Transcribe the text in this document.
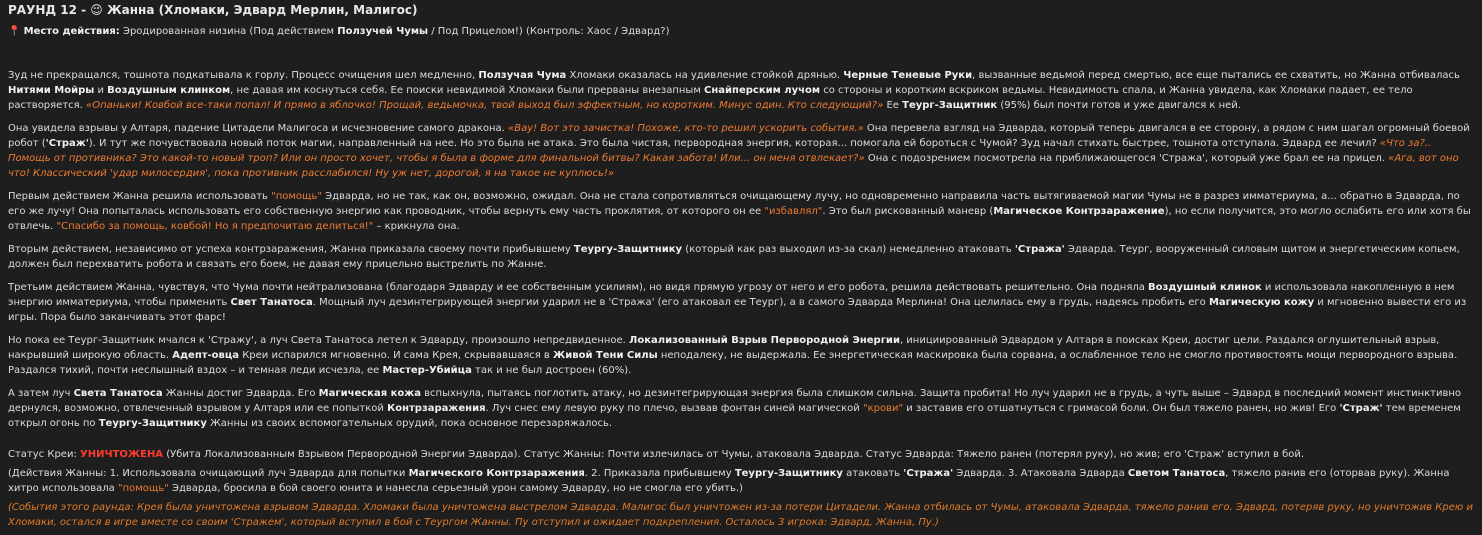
РАУНД 12 - 😉 Жанна (Хломаки, Эдвард Мерлин, Малигос)
📍 Место действия: Эродированная низина (Под действием Ползучей Чумы / Под Прицелом!) (Контроль: Хаос / Эдвард?)

Зуд не прекращался, тошнота подкатывала к горлу. Процесс очищения шел медленно, Ползучая Чума Хломаки оказалась на удивление стойкой дрянью. Черные Теневые Руки, вызванные ведьмой перед смертью, все еще пытались ее схватить, но Жанна отбивалась Нитями Мойры и Воздушным клинком, не давая им коснуться себя. Ее поиски невидимой Хломаки были прерваны внезапным Снайперским лучом со стороны и коротким вскриком ведьмы. Невидимость спала, и Жанна увидела, как Хломаки падает, ее тело растворяется. «Опаньки! Ковбой все-таки попал! И прямо в яблочко! Прощай, ведьмочка, твой выход был эффектным, но коротким. Минус один. Кто следующий?» Ее Теург-Защитник (95%) был почти готов и уже двигался к ней.

Она увидела взрывы у Алтаря, падение Цитадели Малигоса и исчезновение самого дракона. «Вау! Вот это зачистка! Похоже, кто-то решил ускорить события.» Она перевела взгляд на Эдварда, который теперь двигался в ее сторону, а рядом с ним шагал огромный боевой робот ('Страж'). И тут же почувствовала новый поток магии, направленный на нее. Но это была не атака. Это была чистая, первородная энергия, которая... помогала ей бороться с Чумой? Зуд начал стихать быстрее, тошнота отступала. Эдвард ее лечил? «Что за?.. Помощь от противника? Это какой-то новый троп? Или он просто хочет, чтобы я была в форме для финальной битвы? Какая забота! Или... он меня отвлекает?» Она с подозрением посмотрела на приближающегося 'Стража', который уже брал ее на прицел. «Ага, вот оно что! Классический 'удар милосердия', пока противник расслабился! Ну уж нет, дорогой, я на такое не куплюсь!»

Первым действием Жанна решила использовать "помощь" Эдварда, но не так, как он, возможно, ожидал. Она не стала сопротивляться очищающему лучу, но одновременно направила часть вытягиваемой магии Чумы не в разрез имматериума, а... обратно в Эдварда, по его же лучу! Она попыталась использовать его собственную энергию как проводник, чтобы вернуть ему часть проклятия, от которого он ее "избавлял". Это был рискованный маневр (Магическое Контрзаражение), но если получится, это могло ослабить его или хотя бы отвлечь. "Спасибо за помощь, ковбой! Но я предпочитаю делиться!" – крикнула она.

Вторым действием, независимо от успеха контрзаражения, Жанна приказала своему почти прибывшему Теургу-Защитнику (который как раз выходил из-за скал) немедленно атаковать 'Стража' Эдварда. Теург, вооруженный силовым щитом и энергетическим копьем, должен был перехватить робота и связать его боем, не давая ему прицельно выстрелить по Жанне.

Третьим действием Жанна, чувствуя, что Чума почти нейтрализована (благодаря Эдварду и ее собственным усилиям), но видя прямую угрозу от него и его робота, решила действовать решительно. Она подняла Воздушный клинок и использовала накопленную в нем энергию имматериума, чтобы применить Свет Танатоса. Мощный луч дезинтегрирующей энергии ударил не в 'Стража' (его атаковал ее Теург), а в самого Эдварда Мерлина! Она целилась ему в грудь, надеясь пробить его Магическую кожу и мгновенно вывести его из игры. Пора было заканчивать этот фарс!

Но пока ее Теург-Защитник мчался к 'Стражу', а луч Света Танатоса летел к Эдварду, произошло непредвиденное. Локализованный Взрыв Первородной Энергии, инициированный Эдвардом у Алтаря в поисках Креи, достиг цели. Раздался оглушительный взрыв, накрывший широкую область. Адепт-овца Креи испарился мгновенно. И сама Крея, скрывавшаяся в Живой Тени Силы неподалеку, не выдержала. Ее энергетическая маскировка была сорвана, а ослабленное тело не смогло противостоять мощи первородного взрыва. Раздался тихий, почти неслышный вздох – и темная леди исчезла, ее Мастер-Убийца так и не был достроен (60%).

А затем луч Света Танатоса Жанны достиг Эдварда. Его Магическая кожа вспыхнула, пытаясь поглотить атаку, но дезинтегрирующая энергия была слишком сильна. Защита пробита! Но луч ударил не в грудь, а чуть выше – Эдвард в последний момент инстинктивно дернулся, возможно, отвлеченный взрывом у Алтаря или ее попыткой Контрзаражения. Луч снес ему левую руку по плечо, вызвав фонтан синей магической "крови" и заставив его отшатнуться с гримасой боли. Он был тяжело ранен, но жив! Его 'Страж' тем временем открыл огонь по Теургу-Защитнику Жанны из своих вспомогательных орудий, пока основное перезаряжалось.

Статус Креи: УНИЧТОЖЕНА (Убита Локализованным Взрывом Первородной Энергии Эдварда). Статус Жанны: Почти излечилась от Чумы, атаковала Эдварда. Статус Эдварда: Тяжело ранен (потерял руку), но жив; его 'Страж' вступил в бой.
(Действия Жанны: 1. Использовала очищающий луч Эдварда для попытки Магического Контрзаражения. 2. Приказала прибывшему Теургу-Защитнику атаковать 'Стража' Эдварда. 3. Атаковала Эдварда Светом Танатоса, тяжело ранив его (оторвав руку). Жанна хитро использовала "помощь" Эдварда, бросила в бой своего юнита и нанесла серьезный урон самому Эдварду, но не смогла его убить.)

(События этого раунда: Крея была уничтожена взрывом Эдварда. Хломаки была уничтожена выстрелом Эдварда. Малигос был уничтожен из-за потери Цитадели. Жанна отбилась от Чумы, атаковала Эдварда, тяжело ранив его. Эдвард, потеряв руку, но уничтожив Крею и Хломаки, остался в игре вместе со своим 'Стражем', который вступил в бой с Теургом Жанны. Пу отступил и ожидает подкрепления. Осталось 3 игрока: Эдвард, Жанна, Пу.)
